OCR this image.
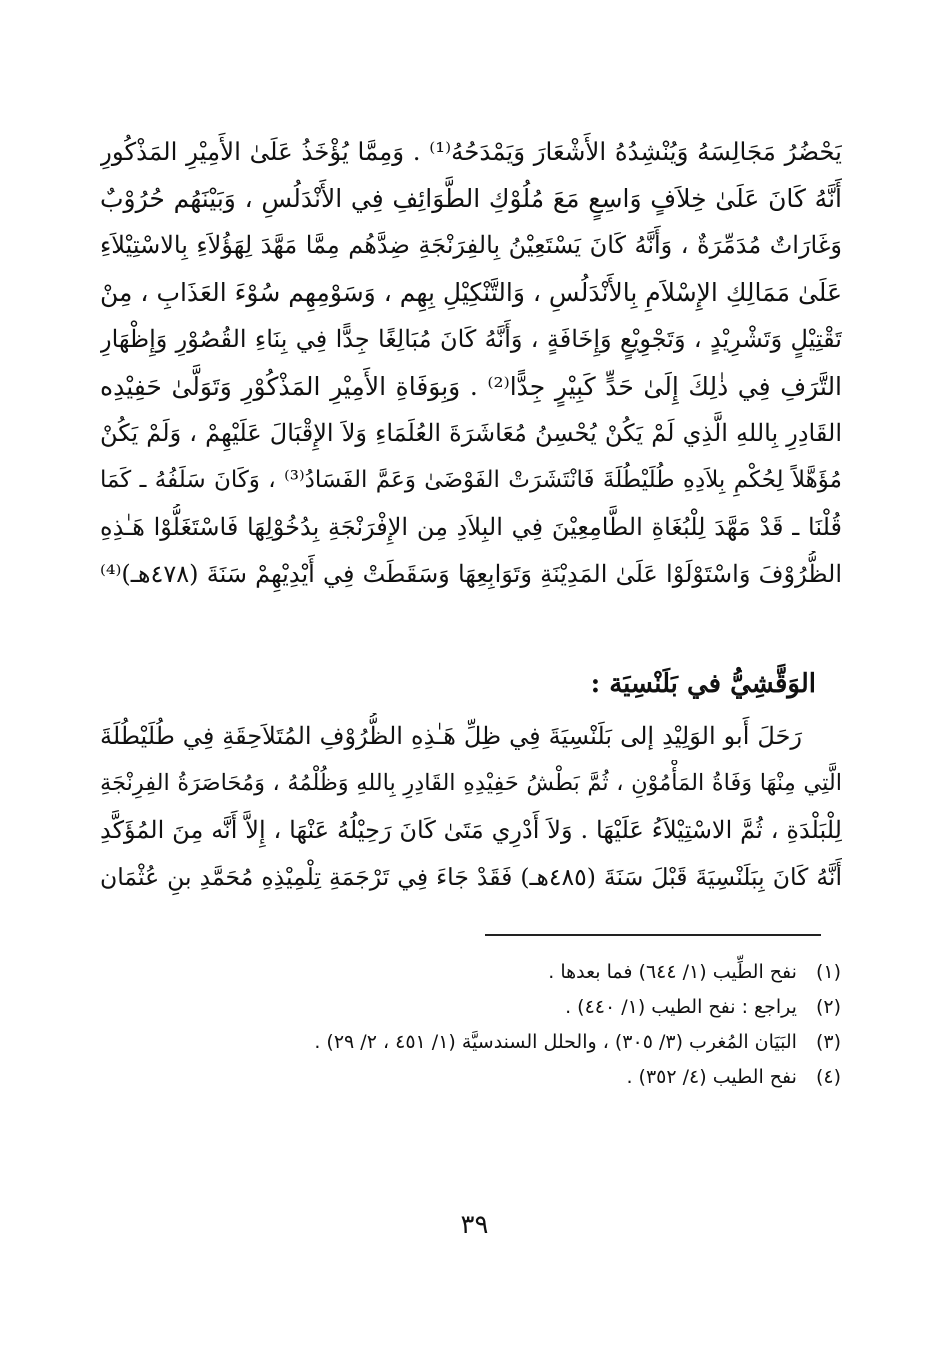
يَحْضُرُ مَجَالِسَهُ وَيُنْشِدُهُ الأَشْعَارَ وَيَمْدَحُهُ⁽¹⁾ . وَمِمَّا يُؤْخَذُ عَلَىٰ الأَمِيْرِ المَذْكُورِ
أَنَّهُ كَانَ عَلَىٰ خِلاَفٍ وَاسِعٍ مَعَ مُلُوْكِ الطَّوَائِفِ فِي الأَنْدَلُسِ ، وَبَيْنَهُم حُرُوْبٌ
وَغَارَاتٌ مُدَمِّرَةٌ ، وَأَنَّهُ كَانَ يَسْتَعِيْنُ بِالفِرَنْجَةِ ضِدَّهُم مِمَّا مَهَّدَ لِهَؤُلاَءِ بِالاسْتِيْلاَءِ
عَلَىٰ مَمَالِكِ الإِسْلاَمِ بِالأَنْدَلُسِ ، وَالتَّنْكِيْلِ بِهِم ، وَسَوْمِهِم سُوْءَ العَذَابِ ، مِنْ
تَقْتِيْلٍ وَتَشْرِيْدٍ ، وَتَجْوِيْعٍ وَإِخَافَةٍ ، وَأَنَّهُ كَانَ مُبَالِغًا جِدًّا فِي بِنَاءِ القُصُوْرِ وَإِظْهَارِ
التَّرَفِ فِي ذٰلِكَ إِلَىٰ حَدٍّ كَبِيْرٍ جِدًّا⁽²⁾ . وَبِوَفَاةِ الأَمِيْرِ المَذْكُوْرِ وَتَوَلَّىٰ حَفِيْدِه
القَادِرِ بِاللهِ الَّذِي لَمْ يَكُنْ يُحْسِنُ مُعَاشَرَةَ العُلَمَاءِ وَلاَ الإِقْبَالَ عَلَيْهِمْ ، وَلَمْ يَكُنْ
مُؤَهَّلاً لِحُكْمِ بِلاَدِهِ طُلَيْطُلَةَ فَانْتَشَرَتْ الفَوْضَىٰ وَعَمَّ الفَسَادُ⁽³⁾ ، وَكَانَ سَلَفُهُ ـ كَمَا
قُلْنَا ـ قَدْ مَهَّدَ لِلْبُغَاةِ الطَّامِعِيْنَ فِي البِلاَدِ مِن الإِفْرَنْجَةِ بِدُخُوْلِهَا فَاسْتَغَلُّوْا هَـٰذِهِ
الظُّرُوْفَ وَاسْتَوْلَوْا عَلَىٰ المَدِيْنَةِ وَتَوَابِعِهَا وَسَقَطَتْ فِي أَيْدِيْهِمْ سَنَةَ (٤٧٨هـ)⁽⁴⁾
الوَقَّشِيُّ في بَلَنْسِيَة :
رَحَلَ أَبو الوَلِيْدِ إلى بَلَنْسِيَةَ فِي ظِلِّ هَـٰذِهِ الظُّرُوْفِ المُتَلاَحِقَةِ فِي طُلَيْطُلَةَ
الَّتِي مِنْهَا وَفَاةُ المَأْمُوْنِ ، ثُمَّ بَطْشُ حَفِيْدِهِ القَادِرِ بِاللهِ وَظُلْمُهُ ، وَمُحَاصَرَةُ الفِرِنْجَةِ
لِلْبَلْدَةِ ، ثُمَّ الاسْتِيْلاَءُ عَلَيْهَا . وَلاَ أَدْرِي مَتَىٰ كَانَ رَحِيْلُهُ عَنْهَا ، إِلاَّ أَنَّه مِنَ المُؤَكَّدِ
أَنَّهُ كَانَ بِبَلَنْسِيَةَ قَبْلَ سَنَةَ (٤٨٥هـ) فَقَدْ جَاءَ فِي تَرْجَمَةِ تِلْمِيْذِهِ مُحَمَّدِ بنِ عُثْمَان
(١) نفح الطِّيب (١/ ٦٤٤) فما بعدها .
(٢) يراجع : نفح الطيب (١/ ٤٤٠) .
(٣) البَيَان المُغرب (٣/ ٣٠٥) ، والحلل السندسيَّة (١/ ٤٥١ ، ٢/ ٢٩) .
(٤) نفح الطيب (٤/ ٣٥٢) .
٣٩
